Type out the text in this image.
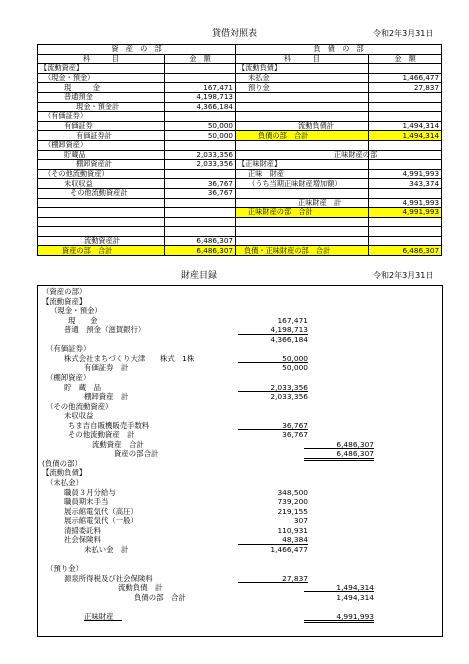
貸借対照表	令和2年3月31日
資　産　の　部		負　債　の　部	
科　　　目	金　額	科　　　目	金　額
【流動資産】		【流動負債】	
（現金・預金）		未払金	1,466,477
現　　　金	167,471	預り金	27,837
普通預金	4,198,713		
現金・預金計	4,366,184		
（有価証券）			
有価証券	50,000	流動負債計	1,494,314
有価証券計	50,000	負債の部　合計	1,494,314
（棚卸資産）			
貯蔵品	2,033,356	正味財産の部	
棚卸資産計	2,033,356	【正味財産】	
（その他流動資産）		正味　財産	4,991,993
未収収益	36,767	（うち当期正味財産増加額）	343,374
その他流動資産計	36,767		
		正味財産　計	4,991,993
		正味財産の部　合計	4,991,993

流動資産計	6,486,307		
資産の部　合計	6,486,307	負債・正味財産の部　合計	6,486,307
財産目録	令和2年3月31日
（資産の部）
【流動資産】
（現金・預金）
現　　金	167,471
普通　預金（滋賀銀行）	4,198,713
4,366,184
（有価証券）
株式会社まちづくり大津　　株式　1株	50,000
有価証券　計	50,000
（棚卸資産）
貯　蔵　品	2,033,356
棚卸資産　計	2,033,356
（その他流動資産）
未収収益
ちま吉自販機販売手数料	36,767
その他流動資産　計	36,767
流動資産　合計	6,486,307
資産の部合計	6,486,307
(負債の部）
【流動負債】
（未払金）
職員３月分給与	348,500
職員期末手当	739,200
展示館電気代（高圧）	219,155
展示館電気代（一般）	307
清掃委託料	110,931
社会保険料	48,384
未払い金　計	1,466,477
（預り金）
源泉所得税及び社会保険料	27,837
流動負債　計	1,494,314
負債の部　合計	1,494,314
正味財産	4,991,993
